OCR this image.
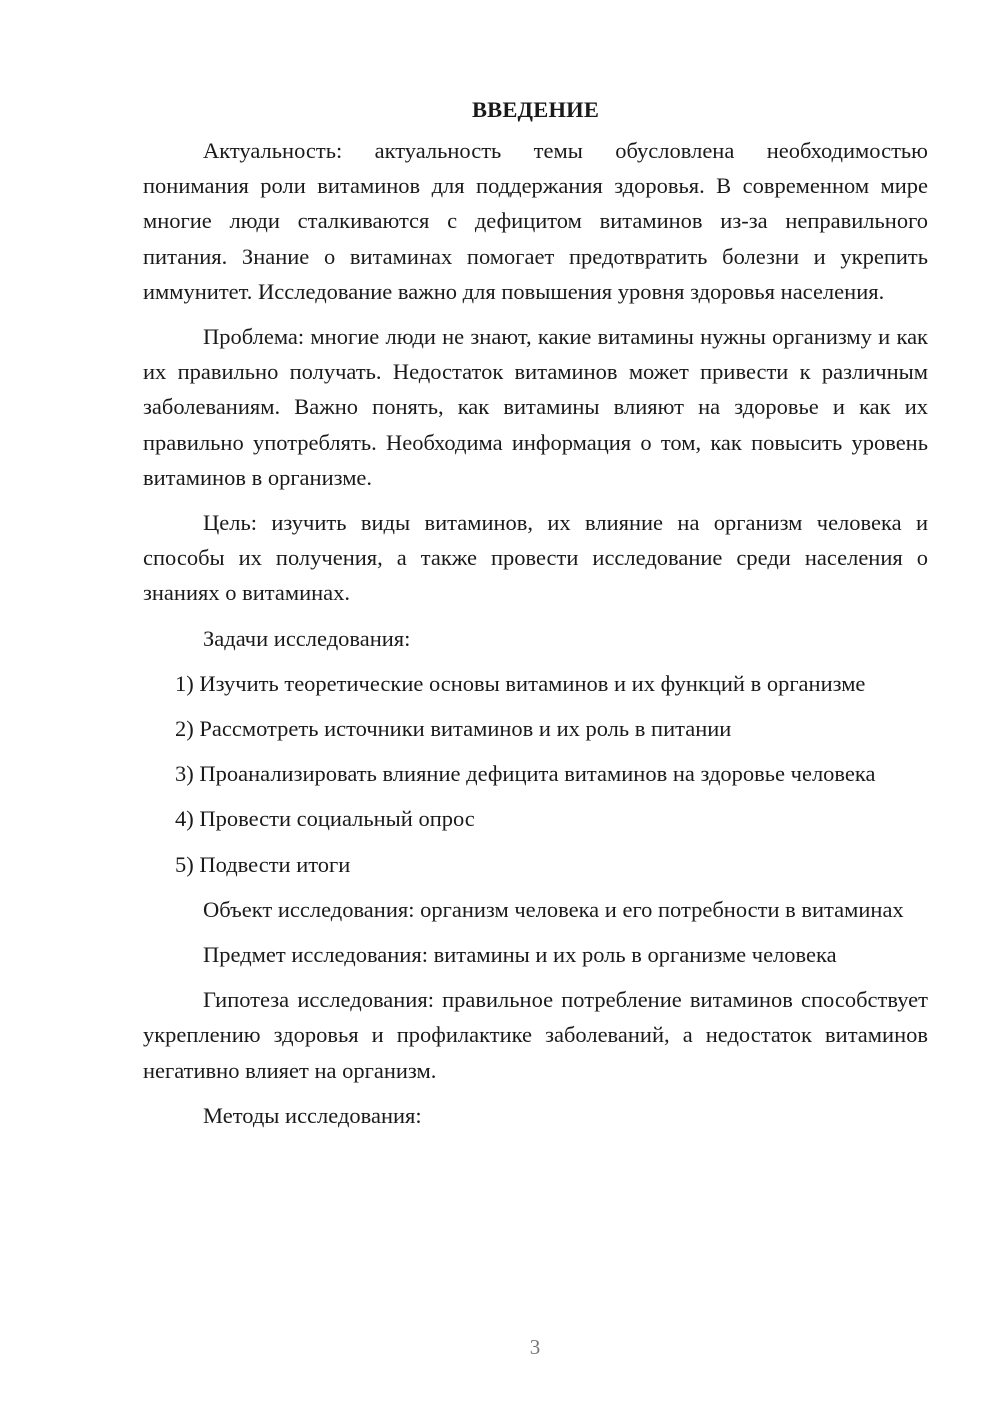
ВВЕДЕНИЕ

Актуальность: актуальность темы обусловлена необходимостью понимания роли витаминов для поддержания здоровья. В современном мире многие люди сталкиваются с дефицитом витаминов из-за неправильного питания. Знание о витаминах помогает предотвратить болезни и укрепить иммунитет. Исследование важно для повышения уровня здоровья населения.

Проблема: многие люди не знают, какие витамины нужны организму и как их правильно получать. Недостаток витаминов может привести к различным заболеваниям. Важно понять, как витамины влияют на здоровье и как их правильно употреблять. Необходима информация о том, как повысить уровень витаминов в организме.

Цель: изучить виды витаминов, их влияние на организм человека и способы их получения, а также провести исследование среди населения о знаниях о витаминах.

Задачи исследования:

1) Изучить теоретические основы витаминов и их функций в организме

2) Рассмотреть источники витаминов и их роль в питании

3) Проанализировать влияние дефицита витаминов на здоровье человека

4) Провести социальный опрос

5) Подвести итоги

Объект исследования: организм человека и его потребности в витаминах

Предмет исследования: витамины и их роль в организме человека

Гипотеза исследования: правильное потребление витаминов способствует укреплению здоровья и профилактике заболеваний, а недостаток витаминов негативно влияет на организм.

Методы исследования:

3
